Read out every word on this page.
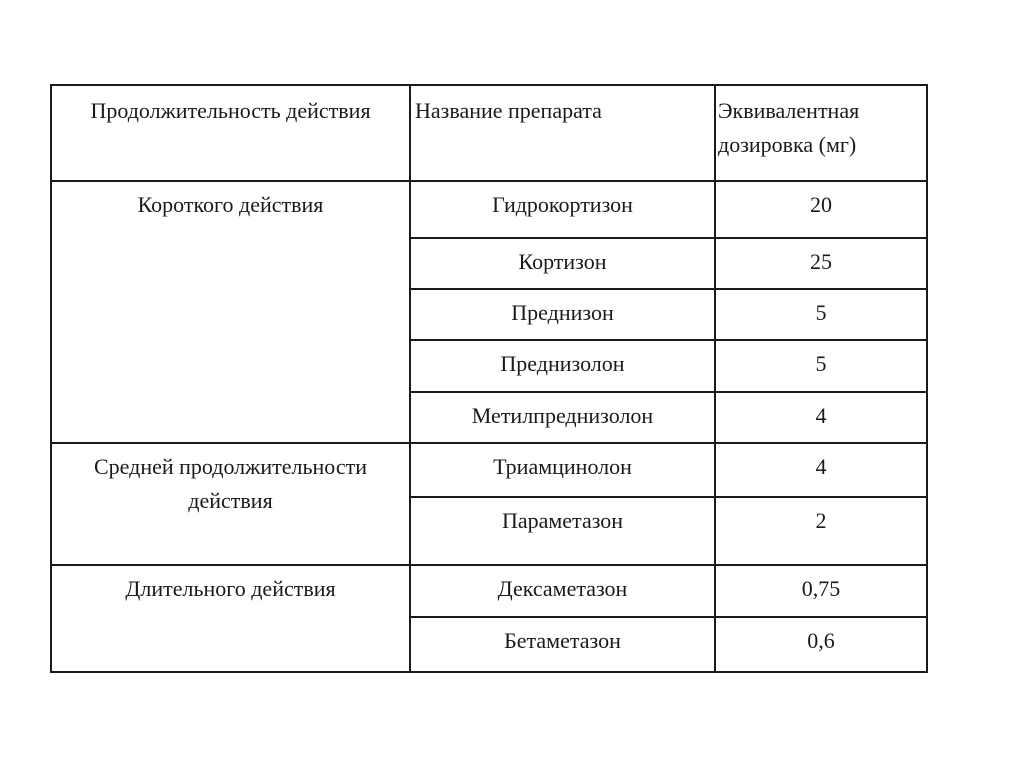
Продолжительность действия	Название препарата	Эквивалентная дозировка (мг)
Короткого действия	Гидрокортизон	20
	Кортизон	25
	Преднизон	5
	Преднизолон	5
	Метилпреднизолон	4
Средней продолжительности действия	Триамцинолон	4
	Параметазон	2
Длительного действия	Дексаметазон	0,75
	Бетаметазон	0,6
